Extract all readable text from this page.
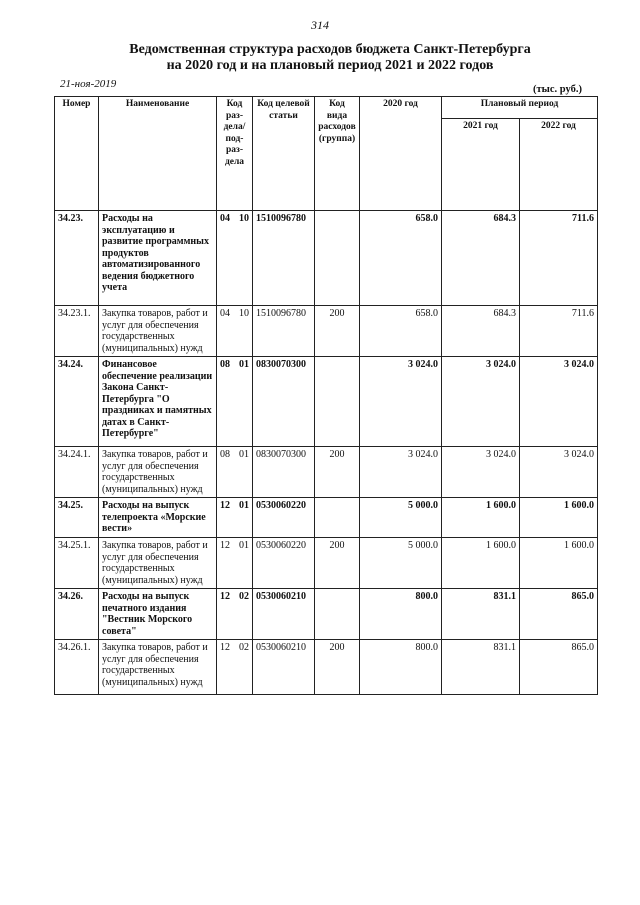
314
Ведомственная структура расходов бюджета Санкт-Петербурга
на 2020 год и на плановый период 2021 и 2022 годов
21-ноя-2019	(тыс. руб.)
Номер	Наименование	Код раз-дела/ под-раз-дела		Код целевой статьи	Код вида расходов (группа)	2020 год	Плановый период	
							2021 год	2022 год
34.23.	Расходы на эксплуатацию и развитие программных продуктов автоматизированного ведения бюджетного учета	04	10	1510096780		658.0	684.3	711.6
34.23.1.	Закупка товаров, работ и услуг для обеспечения государственных (муниципальных) нужд	04	10	1510096780	200	658.0	684.3	711.6
34.24.	Финансовое обеспечение реализации Закона Санкт-Петербурга "О праздниках и памятных датах в Санкт-Петербурге"	08	01	0830070300		3 024.0	3 024.0	3 024.0
34.24.1.	Закупка товаров, работ и услуг для обеспечения государственных (муниципальных) нужд	08	01	0830070300	200	3 024.0	3 024.0	3 024.0
34.25.	Расходы на выпуск телепроекта «Морские вести»	12	01	0530060220		5 000.0	1 600.0	1 600.0
34.25.1.	Закупка товаров, работ и услуг для обеспечения государственных (муниципальных) нужд	12	01	0530060220	200	5 000.0	1 600.0	1 600.0
34.26.	Расходы на выпуск печатного издания "Вестник Морского совета"	12	02	0530060210		800.0	831.1	865.0
34.26.1.	Закупка товаров, работ и услуг для обеспечения государственных (муниципальных) нужд	12	02	0530060210	200	800.0	831.1	865.0
